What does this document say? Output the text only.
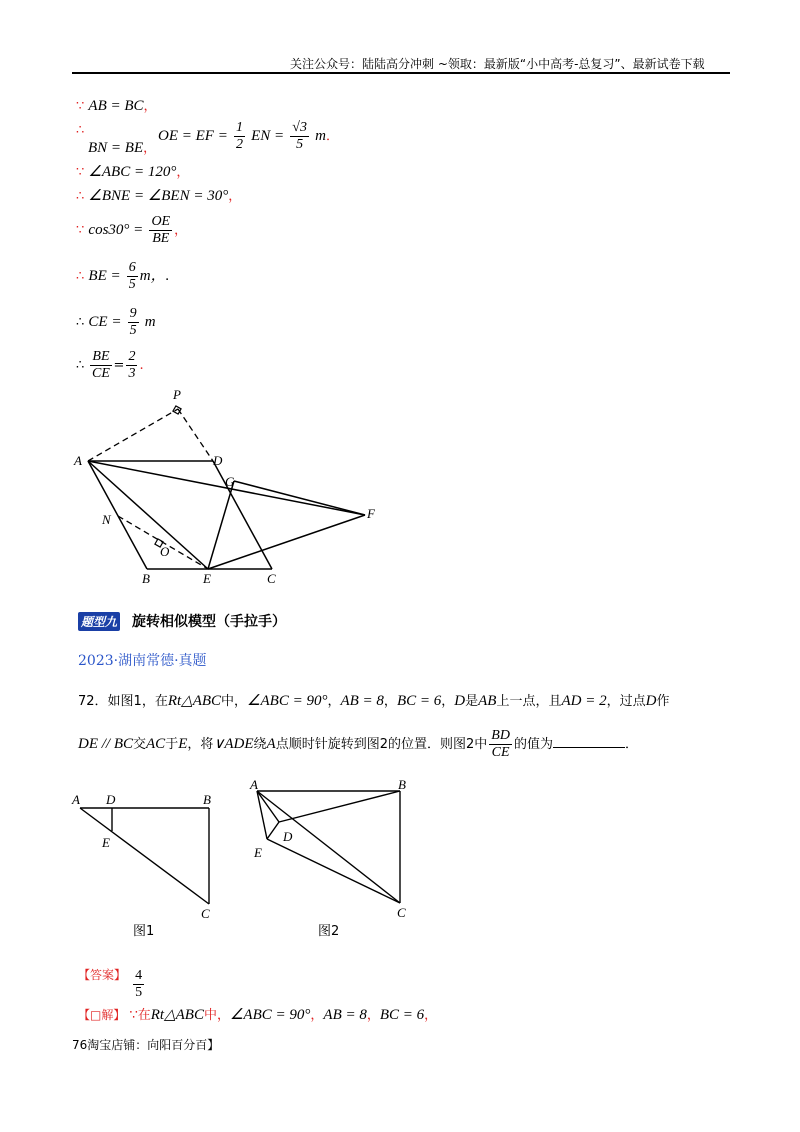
关注公众号：陆陆高分冲刺 ~领取：最新版“小中高考-总复习”、最新试卷下载
∵ AB = BC，
∴
BN = BE，
OE = EF = $\frac{1}{2}$ EN = $\frac{√3}{5}$ m．
∵ ∠ABC = 120°，
∴ ∠BNE = ∠BEN = 30°，
∵ $\cos 30^\circ = \frac{OE}{BE}$ ，
∴ BE = $\frac{6}{5}$ m，.
∴ CE = $\frac{9}{5}$ m
∴ $\frac{BE}{CE} = \frac{2}{3}$ .
P
A	D
G
F
N
O
B	E	C
题型九 旋转相似模型（手拉手）
2023·湖南常德·真题
72．如图1，在Rt△ABC中，∠ABC = 90°，AB = 8，BC = 6，D是AB上一点，且AD = 2，过点D作
DE // BC交AC于E，将∨ADE绕A点顺时针旋转到图2的位置．则图2中 $\frac{BD}{CE}$ 的值为	．
A D	B
E
C
图1
A	B
D
E
C
图2
$^{【答案】} \frac{4}{5}$
【□解】 ∵在Rt△ABC中，∠ABC = 90°，AB = 8，BC = 6，
76淘宝店铺：向阳百分百】
